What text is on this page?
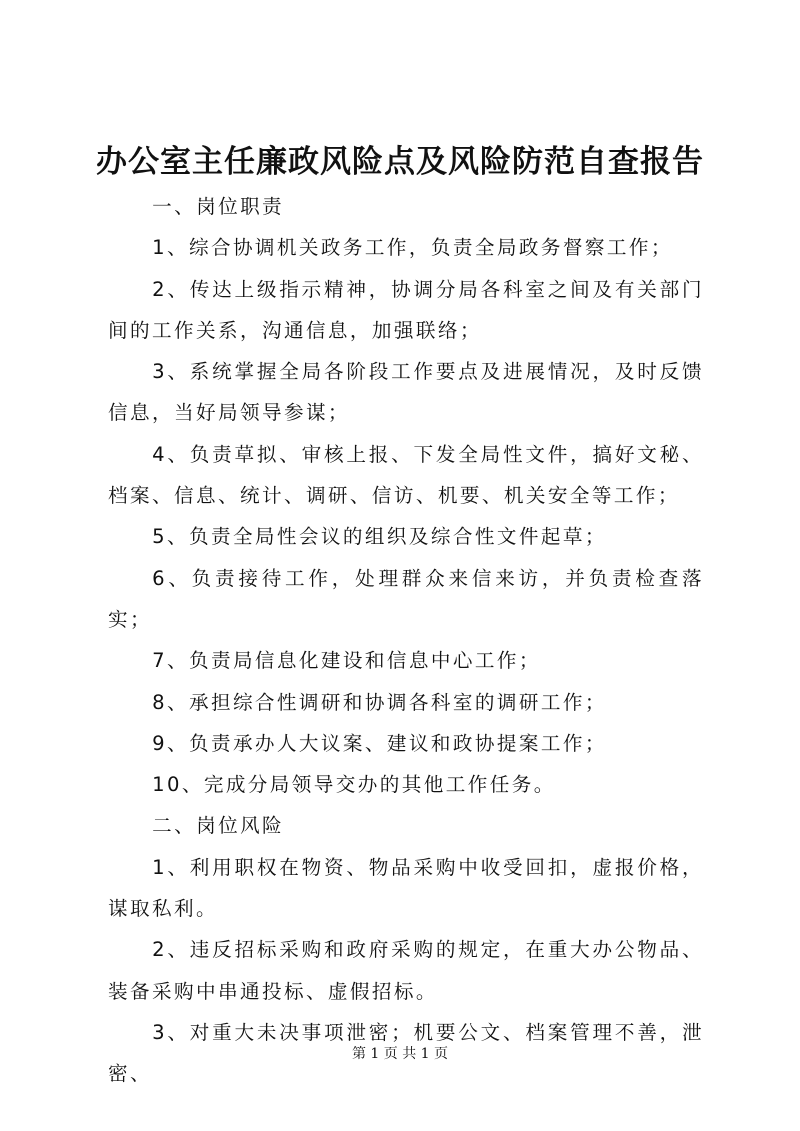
办公室主任廉政风险点及风险防范自查报告

一、岗位职责

1、综合协调机关政务工作，负责全局政务督察工作；

2、传达上级指示精神，协调分局各科室之间及有关部门间的工作关系，沟通信息，加强联络；

3、系统掌握全局各阶段工作要点及进展情况，及时反馈信息，当好局领导参谋；

4、负责草拟、审核上报、下发全局性文件，搞好文秘、档案、信息、统计、调研、信访、机要、机关安全等工作；

5、负责全局性会议的组织及综合性文件起草；

6、负责接待工作，处理群众来信来访，并负责检查落实；

7、负责局信息化建设和信息中心工作；

8、承担综合性调研和协调各科室的调研工作；

9、负责承办人大议案、建议和政协提案工作；

10、完成分局领导交办的其他工作任务。

二、岗位风险

1、利用职权在物资、物品采购中收受回扣，虚报价格，谋取私利。

2、违反招标采购和政府采购的规定，在重大办公物品、装备采购中串通投标、虚假招标。

3、对重大未决事项泄密；机要公文、档案管理不善，泄密、

第 1 页 共 1 页
